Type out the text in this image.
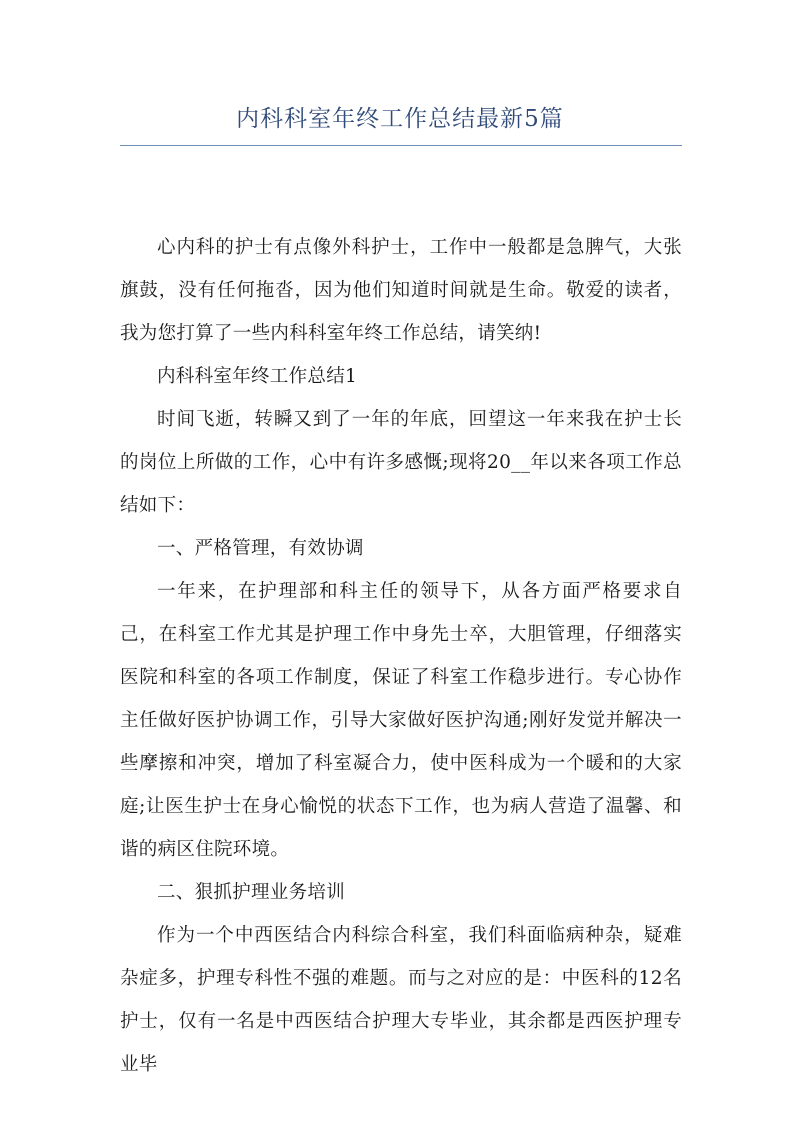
内科科室年终工作总结最新5篇

心内科的护士有点像外科护士，工作中一般都是急脾气，大张旗鼓，没有任何拖沓，因为他们知道时间就是生命。敬爱的读者，我为您打算了一些内科科室年终工作总结，请笑纳!

内科科室年终工作总结1

时间飞逝，转瞬又到了一年的年底，回望这一年来我在护士长的岗位上所做的工作，心中有许多感慨;现将20__年以来各项工作总结如下：

一、严格管理，有效协调

一年来，在护理部和科主任的领导下，从各方面严格要求自己，在科室工作尤其是护理工作中身先士卒，大胆管理，仔细落实医院和科室的各项工作制度，保证了科室工作稳步进行。专心协作主任做好医护协调工作，引导大家做好医护沟通;刚好发觉并解决一些摩擦和冲突，增加了科室凝合力，使中医科成为一个暖和的大家庭;让医生护士在身心愉悦的状态下工作，也为病人营造了温馨、和谐的病区住院环境。

二、狠抓护理业务培训

作为一个中西医结合内科综合科室，我们科面临病种杂，疑难杂症多，护理专科性不强的难题。而与之对应的是：中医科的12名护士，仅有一名是中西医结合护理大专毕业，其余都是西医护理专业毕
